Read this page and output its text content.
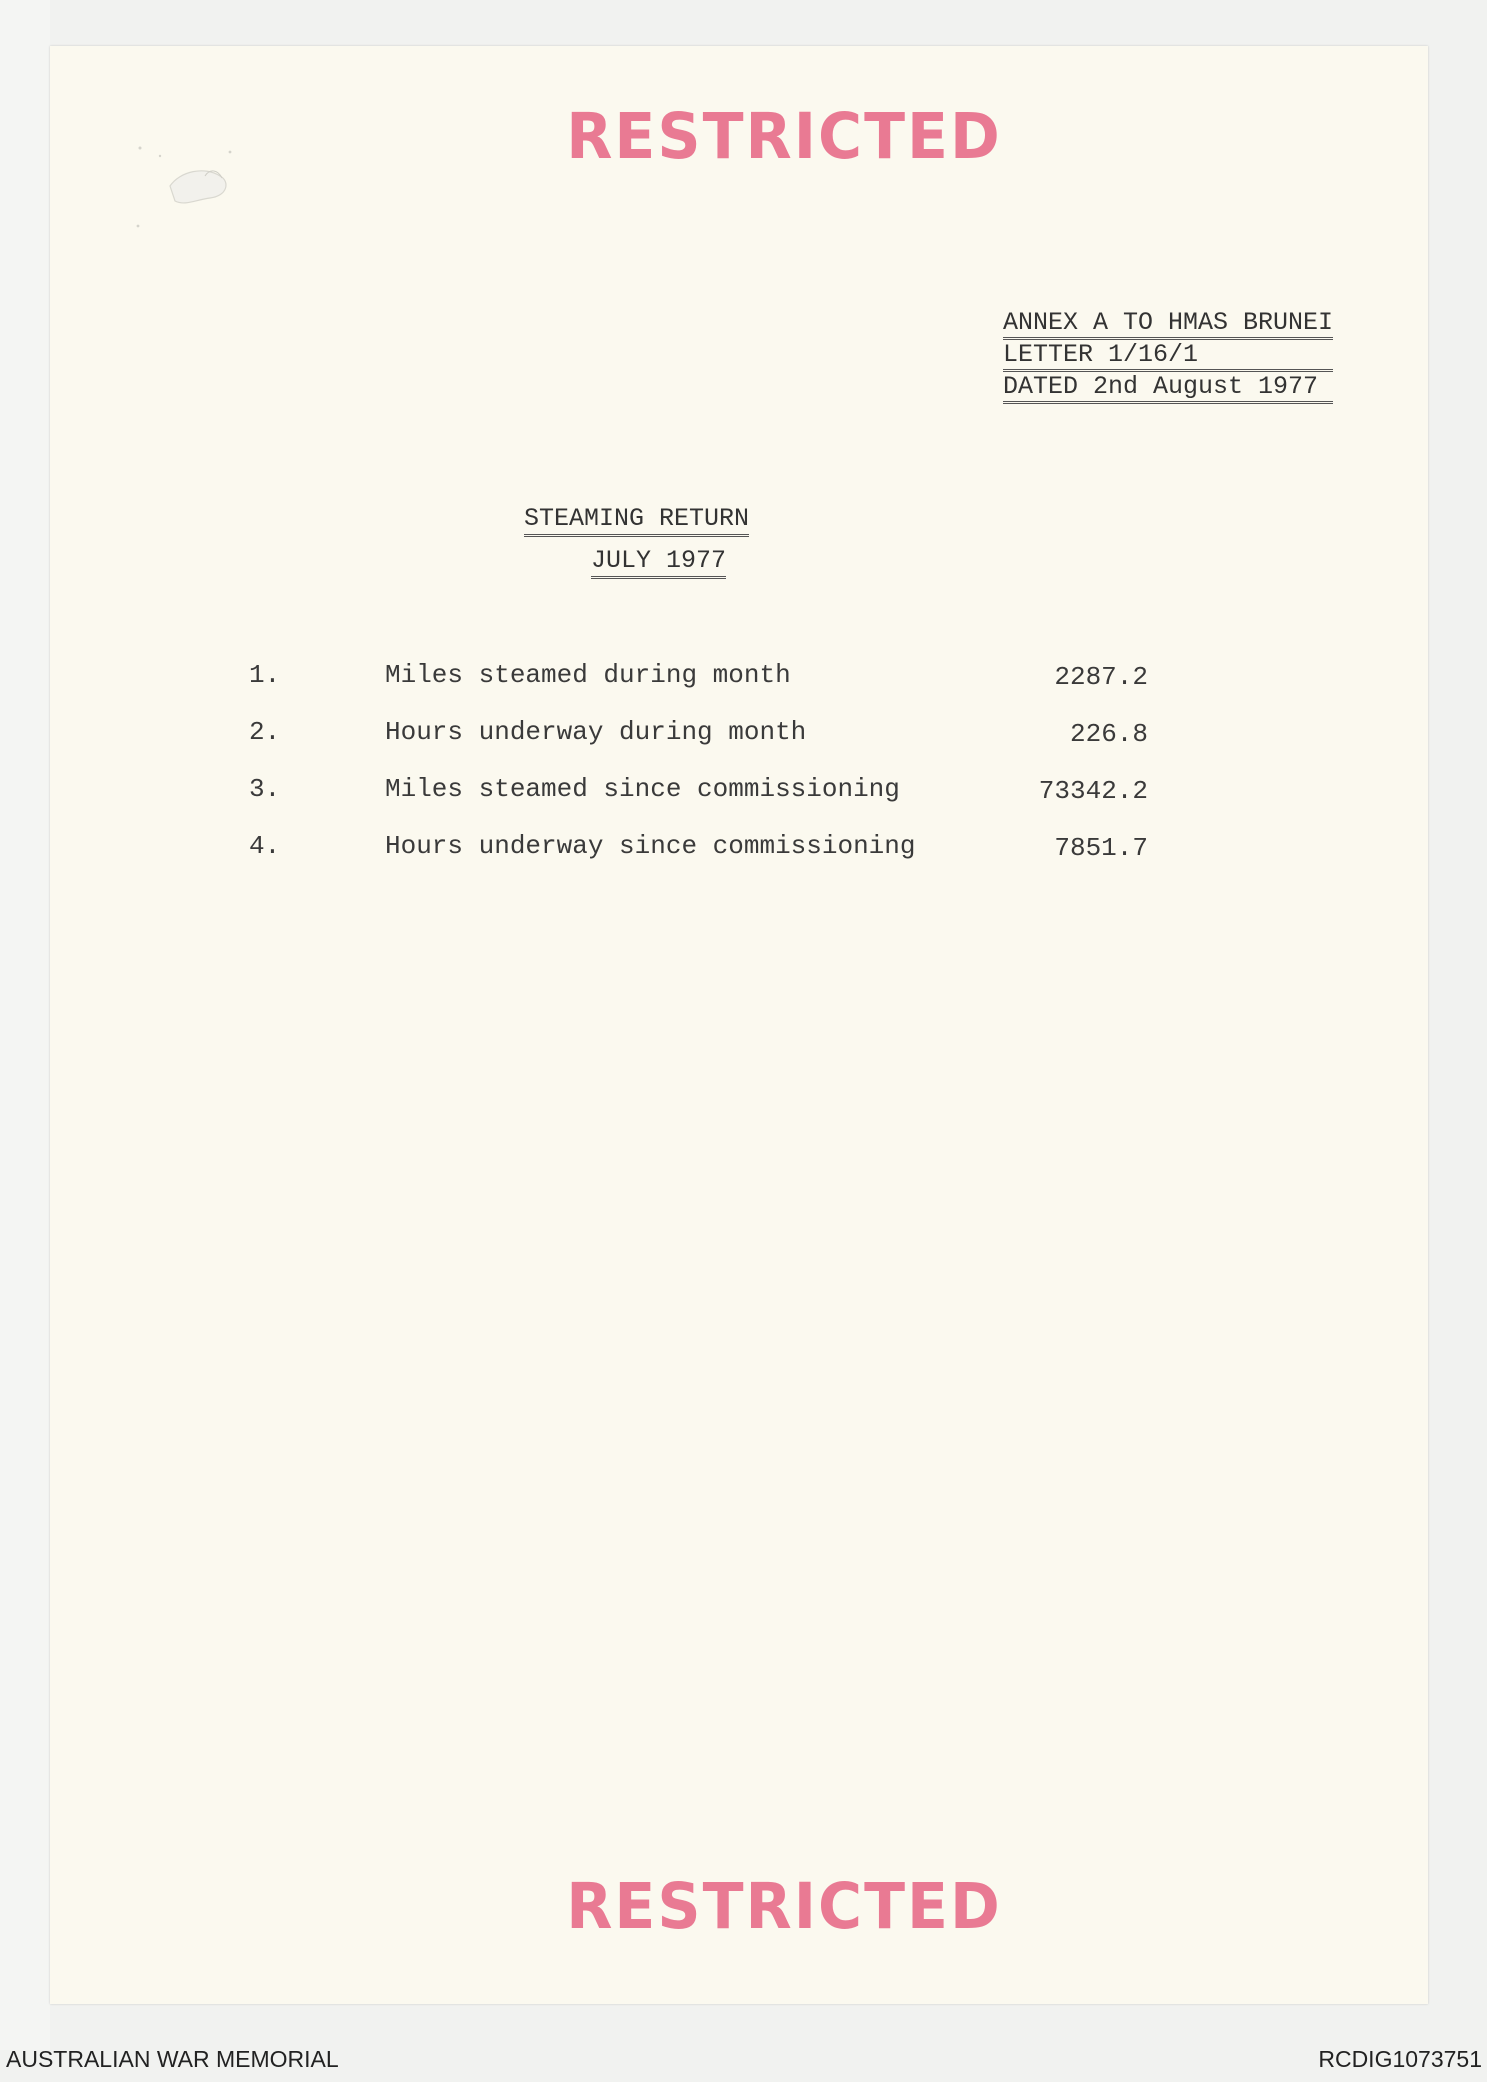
RESTRICTED
ANNEX A TO HMAS BRUNEI
LETTER 1/16/1
DATED 2nd August 1977
STEAMING RETURN
JULY 1977
1.	Miles steamed during month	2287.2
2.	Hours underway during month	226.8
3.	Miles steamed since commissioning	73342.2
4.	Hours underway since commissioning	7851.7
RESTRICTED
AUSTRALIAN WAR MEMORIAL	RCDIG1073751
